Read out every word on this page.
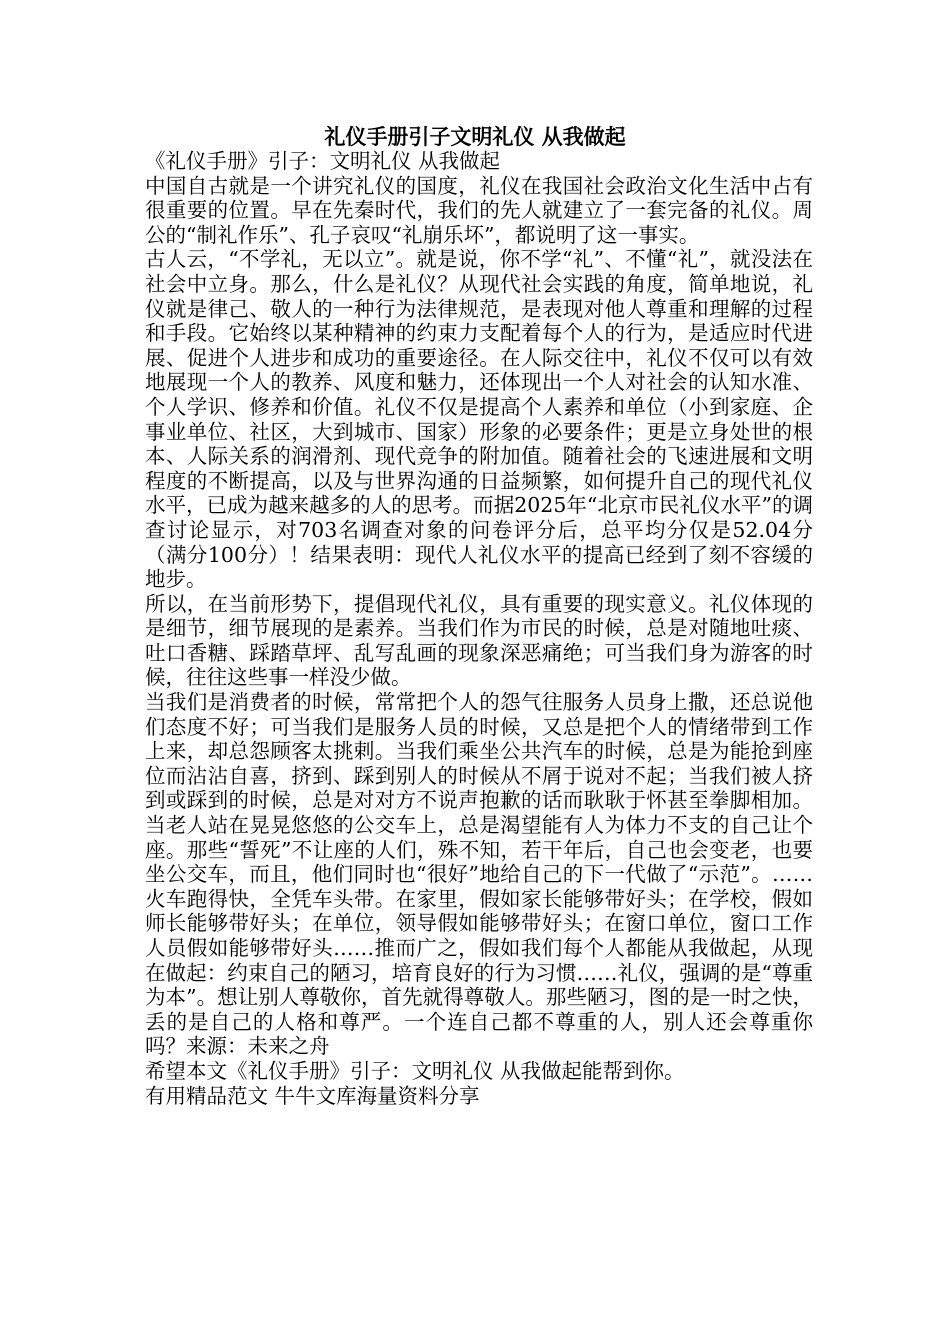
礼仪手册引子文明礼仪 从我做起

《礼仪手册》引子：文明礼仪 从我做起

中国自古就是一个讲究礼仪的国度，礼仪在我国社会政治文化生活中占有很重要的位置。早在先秦时代，我们的先人就建立了一套完备的礼仪。周公的“制礼作乐”、孔子哀叹“礼崩乐坏”，都说明了这一事实。

古人云，“不学礼，无以立”。就是说，你不学“礼”、不懂“礼”，就没法在社会中立身。那么，什么是礼仪？从现代社会实践的角度，简单地说，礼仪就是律己、敬人的一种行为法律规范，是表现对他人尊重和理解的过程和手段。它始终以某种精神的约束力支配着每个人的行为，是适应时代进展、促进个人进步和成功的重要途径。在人际交往中，礼仪不仅可以有效地展现一个人的教养、风度和魅力，还体现出一个人对社会的认知水准、个人学识、修养和价值。礼仪不仅是提高个人素养和单位（小到家庭、企事业单位、社区，大到城市、国家）形象的必要条件；更是立身处世的根本、人际关系的润滑剂、现代竞争的附加值。随着社会的飞速进展和文明程度的不断提高，以及与世界沟通的日益频繁，如何提升自己的现代礼仪水平，已成为越来越多的人的思考。而据2025年“北京市民礼仪水平”的调查讨论显示，对703名调查对象的问卷评分后，总平均分仅是52.04分（满分100分）！结果表明：现代人礼仪水平的提高已经到了刻不容缓的地步。

所以，在当前形势下，提倡现代礼仪，具有重要的现实意义。礼仪体现的是细节，细节展现的是素养。当我们作为市民的时候，总是对随地吐痰、吐口香糖、踩踏草坪、乱写乱画的现象深恶痛绝；可当我们身为游客的时候，往往这些事一样没少做。

当我们是消费者的时候，常常把个人的怨气往服务人员身上撒，还总说他们态度不好；可当我们是服务人员的时候，又总是把个人的情绪带到工作上来，却总怨顾客太挑剌。当我们乘坐公共汽车的时候，总是为能抢到座位而沾沾自喜，挤到、踩到别人的时候从不屑于说对不起；当我们被人挤到或踩到的时候，总是对对方不说声抱歉的话而耿耿于怀甚至拳脚相加。当老人站在晃晃悠悠的公交车上，总是渴望能有人为体力不支的自己让个座。那些“誓死”不让座的人们，殊不知，若干年后，自己也会变老，也要坐公交车，而且，他们同时也“很好”地给自己的下一代做了“示范”。……火车跑得快，全凭车头带。在家里，假如家长能够带好头；在学校，假如师长能够带好头；在单位，领导假如能够带好头；在窗口单位，窗口工作人员假如能够带好头……推而广之，假如我们每个人都能从我做起，从现在做起：约束自己的陋习，培育良好的行为习惯……礼仪，强调的是“尊重为本”。想让别人尊敬你，首先就得尊敬人。那些陋习，图的是一时之快，丢的是自己的人格和尊严。一个连自己都不尊重的人，别人还会尊重你吗？来源：未来之舟

希望本文《礼仪手册》引子：文明礼仪 从我做起能帮到你。

有用精品范文 牛牛文库海量资料分享
